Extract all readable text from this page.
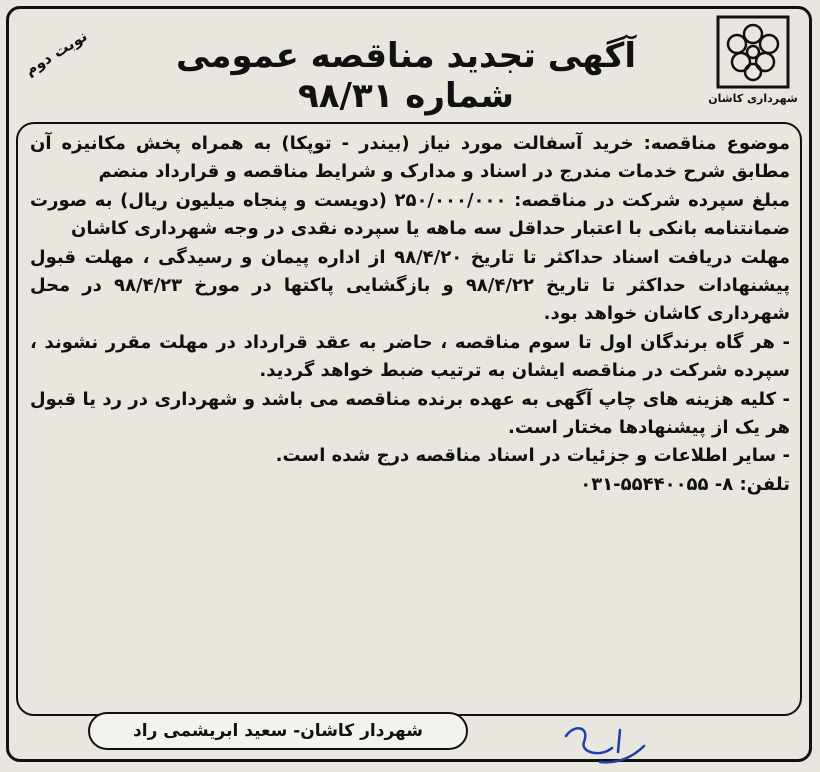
شهرداری کاشان
آگهی تجدید مناقصه عمومی شماره ۹۸/۳۱
نوبت دوم

موضوع مناقصه: خرید آسفالت مورد نیاز (بیندر - توپکا) به همراه پخش مکانیزه آن مطابق شرح خدمات مندرج در اسناد و مدارک و شرایط مناقصه و قرارداد منضم

مبلغ سپرده شرکت در مناقصه: ۲۵۰/۰۰۰/۰۰۰ (دویست و پنجاه میلیون ریال) به صورت ضمانتنامه بانکی با اعتبار حداقل سه ماهه یا سپرده نقدی در وجه شهرداری کاشان

مهلت دریافت اسناد حداکثر تا تاریخ ۹۸/۴/۲۰ از اداره پیمان و رسیدگی ، مهلت قبول پیشنهادات حداکثر تا تاریخ ۹۸/۴/۲۲ و بازگشایی پاکتها در مورخ ۹۸/۴/۲۳ در محل شهرداری کاشان خواهد بود.

- هر گاه برندگان اول تا سوم مناقصه ، حاضر به عقد قرارداد در مهلت مقرر نشوند ، سپرده شرکت در مناقصه ایشان به ترتیب ضبط خواهد گردید.

- کلیه هزینه های چاپ آگهی به عهده برنده مناقصه می باشد و شهرداری در رد یا قبول هر یک از پیشنهادها مختار است.

- سایر اطلاعات و جزئیات در اسناد مناقصه درج شده است.

تلفن: ۰۳۱-۵۵۴۴۰۰۵۵ -۸

شهردار کاشان- سعید ابریشمی راد
